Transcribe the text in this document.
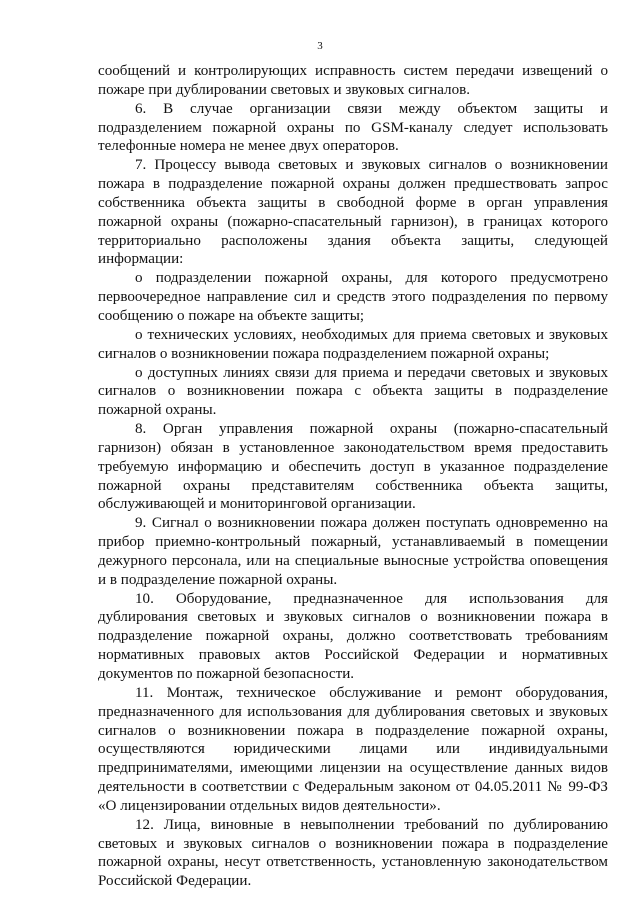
3

сообщений и контролирующих исправность систем передачи извещений о пожаре при дублировании световых и звуковых сигналов.

6. В случае организации связи между объектом защиты и подразделением пожарной охраны по GSM-каналу следует использовать телефонные номера не менее двух операторов.

7. Процессу вывода световых и звуковых сигналов о возникновении пожара в подразделение пожарной охраны должен предшествовать запрос собственника объекта защиты в свободной форме в орган управления пожарной охраны (пожарно-спасательный гарнизон), в границах которого территориально расположены здания объекта защиты, следующей информации:

о подразделении пожарной охраны, для которого предусмотрено первоочередное направление сил и средств этого подразделения по первому сообщению о пожаре на объекте защиты;

о технических условиях, необходимых для приема световых и звуковых сигналов о возникновении пожара подразделением пожарной охраны;

о доступных линиях связи для приема и передачи световых и звуковых сигналов о возникновении пожара с объекта защиты в подразделение пожарной охраны.

8. Орган управления пожарной охраны (пожарно-спасательный гарнизон) обязан в установленное законодательством время предоставить требуемую информацию и обеспечить доступ в указанное подразделение пожарной охраны представителям собственника объекта защиты, обслуживающей и мониторинговой организации.

9. Сигнал о возникновении пожара должен поступать одновременно на прибор приемно-контрольный пожарный, устанавливаемый в помещении дежурного персонала, или на специальные выносные устройства оповещения и в подразделение пожарной охраны.

10. Оборудование, предназначенное для использования для дублирования световых и звуковых сигналов о возникновении пожара в подразделение пожарной охраны, должно соответствовать требованиям нормативных правовых актов Российской Федерации и нормативных документов по пожарной безопасности.

11. Монтаж, техническое обслуживание и ремонт оборудования, предназначенного для использования для дублирования световых и звуковых сигналов о возникновении пожара в подразделение пожарной охраны, осуществляются юридическими лицами или индивидуальными предпринимателями, имеющими лицензии на осуществление данных видов деятельности в соответствии с Федеральным законом от 04.05.2011 № 99-ФЗ «О лицензировании отдельных видов деятельности».

12. Лица, виновные в невыполнении требований по дублированию световых и звуковых сигналов о возникновении пожара в подразделение пожарной охраны, несут ответственность, установленную законодательством Российской Федерации.
